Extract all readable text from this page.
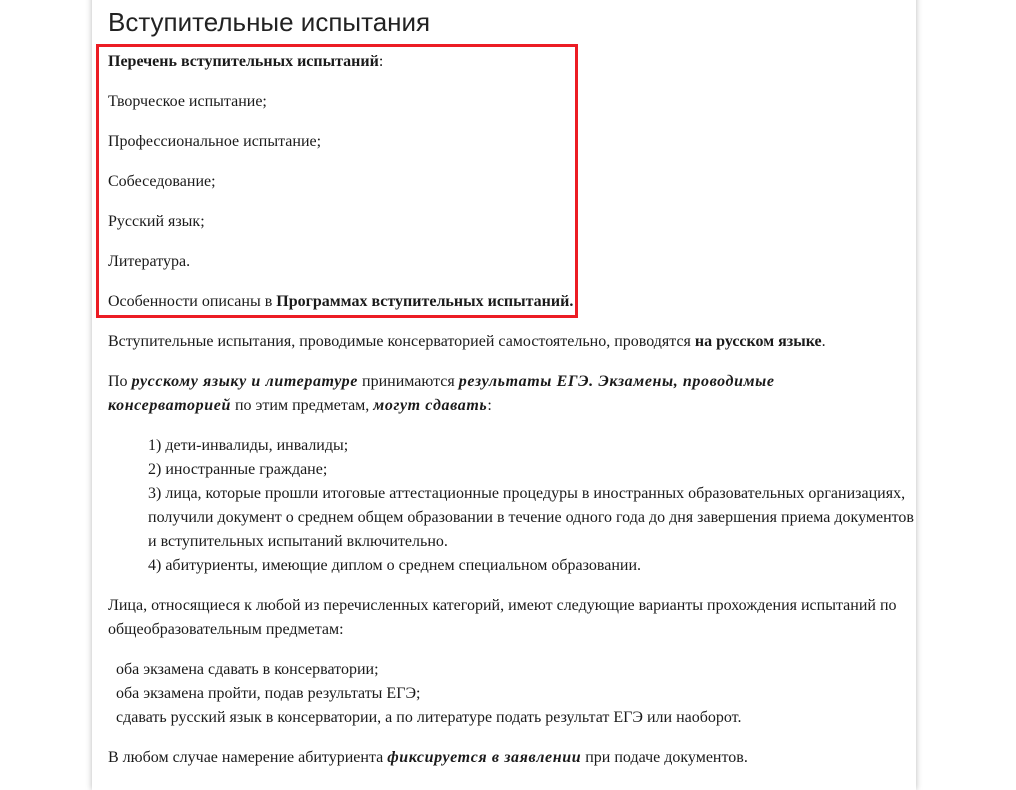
Вступительные испытания
Перечень вступительных испытаний:
Творческое испытание;
Профессиональное испытание;
Собеседование;
Русский язык;
Литература.
Особенности описаны в Программах вступительных испытаний.
Вступительные испытания, проводимые консерваторией самостоятельно, проводятся на русском языке.
По русскому языку и литературе принимаются результаты ЕГЭ. Экзамены, проводимые
консерваторией по этим предметам, могут сдавать:
1) дети-инвалиды, инвалиды;
2) иностранные граждане;
3) лица, которые прошли итоговые аттестационные процедуры в иностранных образовательных организациях,
получили документ о среднем общем образовании в течение одного года до дня завершения приема документов
и вступительных испытаний включительно.
4) абитуриенты, имеющие диплом о среднем специальном образовании.
Лица, относящиеся к любой из перечисленных категорий, имеют следующие варианты прохождения испытаний по
общеобразовательным предметам:
оба экзамена сдавать в консерватории;
оба экзамена пройти, подав результаты ЕГЭ;
сдавать русский язык в консерватории, а по литературе подать результат ЕГЭ или наоборот.
В любом случае намерение абитуриента фиксируется в заявлении при подаче документов.
